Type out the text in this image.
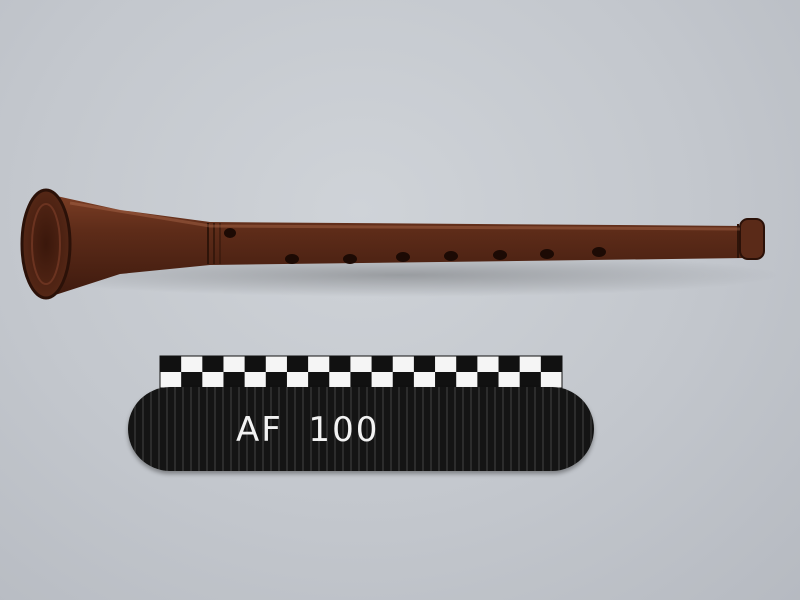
AF  100
